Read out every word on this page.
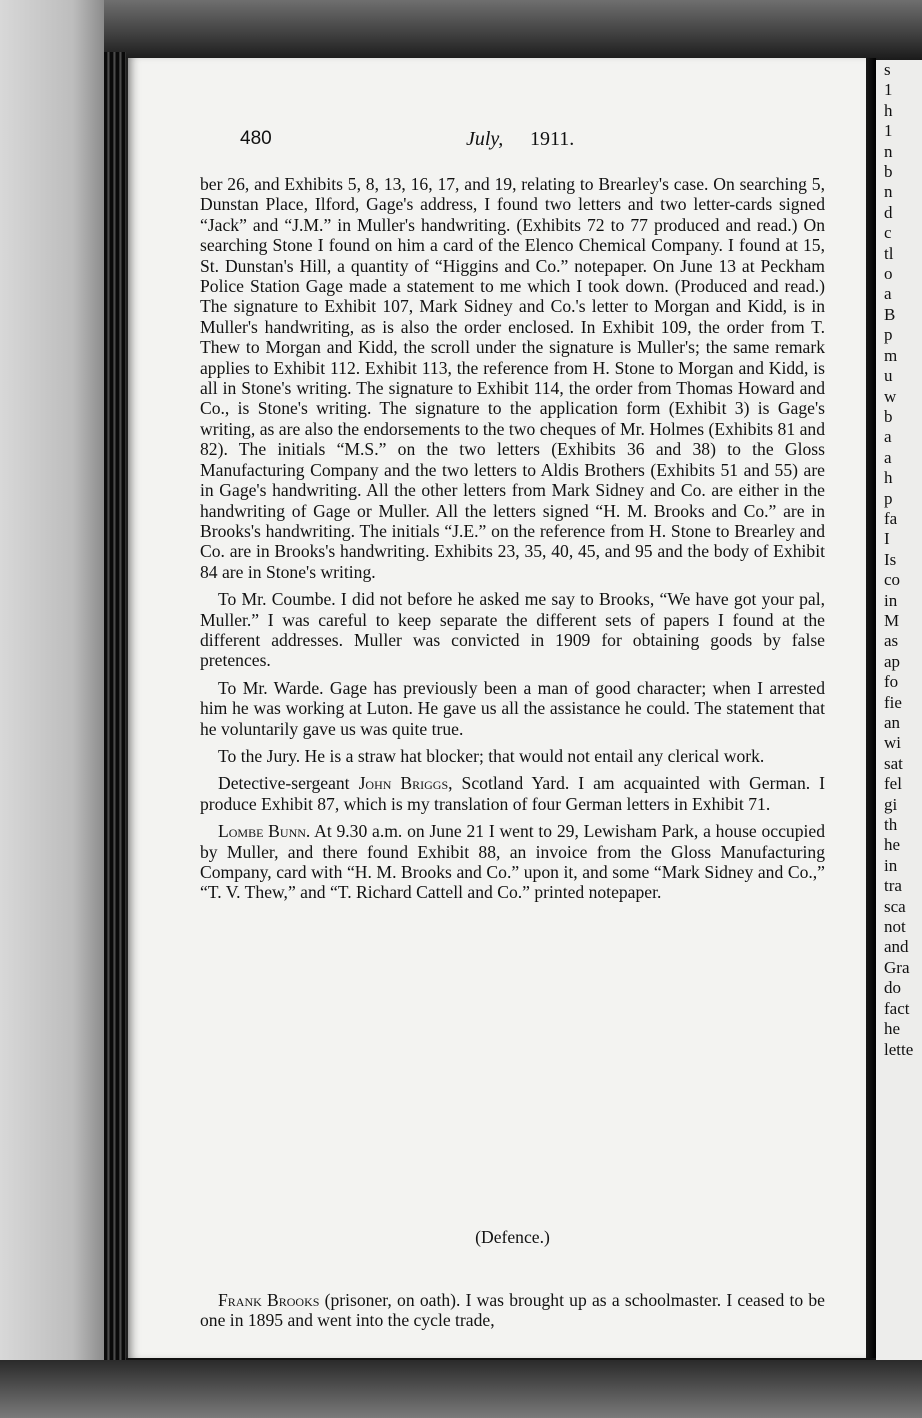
s
1
h
1
n
b
n
d
c
tl
o
a
B
p
m
u
w
b
a
a
h
p
fa
I
Is
co
in
M
as
ap
fo
fie
an
wi
sat
fel
gi
th
he
in
tra
sca
not
and
Gra
do
fact
he
lette
480	July, 1911.

ber 26, and Exhibits 5, 8, 13, 16, 17, and 19, relating to Brearley's case. On searching 5, Dunstan Place, Ilford, Gage's address, I found two letters and two letter-cards signed “Jack” and “J.M.” in Muller's handwriting. (Exhibits 72 to 77 produced and read.) On searching Stone I found on him a card of the Elenco Chemical Company. I found at 15, St. Dunstan's Hill, a quantity of “Higgins and Co.” notepaper. On June 13 at Peckham Police Station Gage made a statement to me which I took down. (Produced and read.) The signature to Exhibit 107, Mark Sidney and Co.'s letter to Morgan and Kidd, is in Muller's handwriting, as is also the order enclosed. In Exhibit 109, the order from T. Thew to Morgan and Kidd, the scroll under the signature is Muller's; the same remark applies to Exhibit 112. Exhibit 113, the reference from H. Stone to Morgan and Kidd, is all in Stone's writing. The signature to Exhibit 114, the order from Thomas Howard and Co., is Stone's writing. The signature to the application form (Exhibit 3) is Gage's writing, as are also the endorsements to the two cheques of Mr. Holmes (Exhibits 81 and 82). The initials “M.S.” on the two letters (Exhibits 36 and 38) to the Gloss Manufacturing Company and the two letters to Aldis Brothers (Exhibits 51 and 55) are in Gage's handwriting. All the other letters from Mark Sidney and Co. are either in the handwriting of Gage or Muller. All the letters signed “H. M. Brooks and Co.” are in Brooks's handwriting. The initials “J.E.” on the reference from H. Stone to Brearley and Co. are in Brooks's handwriting. Exhibits 23, 35, 40, 45, and 95 and the body of Exhibit 84 are in Stone's writing.

To Mr. Coumbe. I did not before he asked me say to Brooks, “We have got your pal, Muller.” I was careful to keep separate the different sets of papers I found at the different addresses. Muller was convicted in 1909 for obtaining goods by false pretences.

To Mr. Warde. Gage has previously been a man of good character; when I arrested him he was working at Luton. He gave us all the assistance he could. The statement that he voluntarily gave us was quite true.

To the Jury. He is a straw hat blocker; that would not entail any clerical work.

Detective-sergeant John Briggs, Scotland Yard. I am acquainted with German. I produce Exhibit 87, which is my translation of four German letters in Exhibit 71.

Lombe Bunn. At 9.30 a.m. on June 21 I went to 29, Lewisham Park, a house occupied by Muller, and there found Exhibit 88, an invoice from the Gloss Manufacturing Company, card with “H. M. Brooks and Co.” upon it, and some “Mark Sidney and Co.,” “T. V. Thew,” and “T. Richard Cattell and Co.” printed notepaper.

(Defence.)

Frank Brooks (prisoner, on oath). I was brought up as a schoolmaster. I ceased to be one in 1895 and went into the cycle trade,
